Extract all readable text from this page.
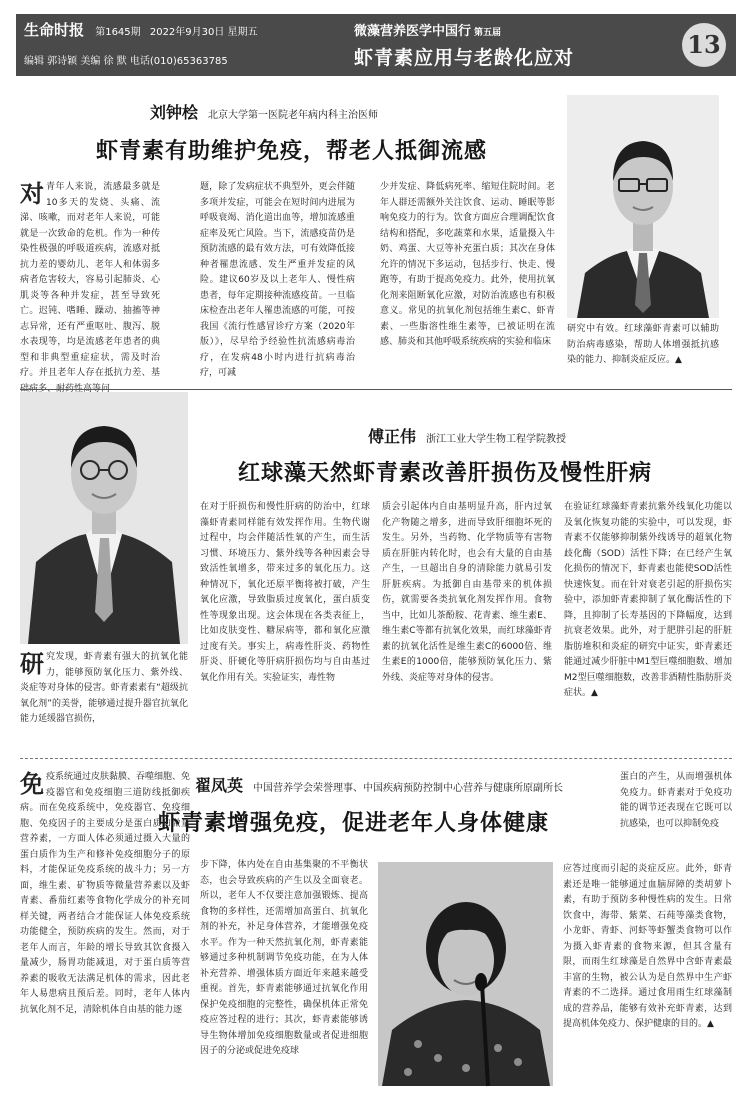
生命时报 第1645期 2022年9月30日 星期五
编辑 郭诗颖 美编 徐 默 电话(010)65363785
微藻营养医学中国行 第五届
虾青素应用与老龄化应对	13
刘钟桧 北京大学第一医院老年病内科主治医师
虾青素有助维护免疫，帮老人抵御流感
对青年人来说，流感最多就是10多天的发烧、头痛、流涕、咳嗽，而对老年人来说，可能就是一次致命的危机。作为一种传染性极强的呼吸道疾病，流感对抵抗力差的婴幼儿、老年人和体弱多病者危害较大，容易引起肺炎、心肌炎等各种并发症，甚至导致死亡。迟钝、嗜睡、躁动、抽搐等神志异常，还有严重呕吐、腹泻、脱水表现等，均是流感老年患者的典型和非典型重症症状，需及时治疗。并且老年人存在抵抗力差、基
题，除了发病症状不典型外，更会伴随多项并发症，可能会在短时间内进展为呼吸衰竭、消化道出血等，增加流感重症率及死亡风险。当下，流感疫苗仍是预防流感的最有效方法，可有效降低接种者罹患流感、发生严重并发症的风险。建议60岁及以上老年人、慢性病患者，每年定期接种流感疫苗。一旦临床检查出老年人罹患流感的可能，可按我国《流行性感冒诊疗方案（2020年版）》，尽早给予经验性抗流感病毒治疗，在发病48小时内进行抗病毒治疗，可减
少并发症、降低病死率、缩短住院时间。老年人群还需额外关注饮食、运动、睡眠等影响免疫力的行为。饮食方面应合理调配饮食结构和搭配，多吃蔬菜和水果，适量摄入牛奶、鸡蛋、大豆等补充蛋白质；其次在身体允许的情况下多运动，包括步行、快走、慢跑等，有助于提高免疫力。此外，使用抗氧化剂来阻断氧化应激，对防治流感也有积极意义。常见的抗氧化剂包括维生素C、虾青素、一些脂溶性维生素等，已被证明在流感、肺炎和其他呼吸系统疾病的实验和临床
研究中有效。红球藻虾青素可以辅助防治病毒感染，帮助人体增强抵抗感染的能力、抑制炎症反应。▲
傅正伟 浙江工业大学生物工程学院教授
红球藻天然虾青素改善肝损伤及慢性肝病
研究发现，虾青素有强大的抗氧化能力，能够预防氧化压力、紫外线、炎症等对身体的侵害。虾青素素有“超级抗氧化剂”的美誉，能够通过提升器官抗氧化能力延缓器官损伤，
在对于肝损伤和慢性肝病的防治中，红球藻虾青素同样能有效发挥作用。生物代谢过程中，均会伴随活性氧的产生，而生活习惯、环境压力、紫外线等各种因素会导致活性氧增多，带来过多的氧化压力。这种情况下，氧化还原平衡将被打破，产生氧化应激，导致脂质过度氧化，蛋白质变性等现象出现。这会体现在各类表征上，比如皮肤变性、糖尿病等，都和氧化应激过度有关。事实上，病毒性肝炎、药物性肝炎、肝硬化等肝病肝损伤均与自由基过氧化作用有关。实验证实，毒性物
质会引起体内自由基明显升高，肝内过氧化产物随之增多，进而导致肝细胞坏死的发生。另外，当药物、化学物质等有害物质在肝脏内转化时，也会有大量的自由基产生，一旦超出自身的清除能力就易引发肝脏疾病。为抵御自由基带来的机体损伤，就需要各类抗氧化剂发挥作用。食物当中，比如儿茶酚胺、花青素、维生素E、维生素C等都有抗氧化效果，而红球藻虾青素的抗氧化活性是维生素C的6000倍、维生素E的1000倍，能够预防氧化压力、紫外线、炎症等对身体的侵害。
在验证红球藻虾青素抗紫外线氧化功能以及氧化恢复功能的实验中，可以发现，虾青素不仅能够抑制紫外线诱导的超氧化物歧化酶（SOD）活性下降；在已经产生氧化损伤的情况下，虾青素也能使SOD活性快速恢复。而在针对衰老引起的肝损伤实验中，添加虾青素抑制了氧化酶活性的下降，且抑制了长寿基因的下降幅度，达到抗衰老效果。此外，对于肥胖引起的肝脏脂肪堆积和炎症的研究中证实，虾青素还能通过减少肝脏中M1型巨噬细胞数、增加M2型巨噬细胞数，改善非酒精性脂肪肝炎症状。▲
翟凤英 中国营养学会荣誉理事、中国疾病预防控制中心营养与健康所原副所长
虾青素增强免疫，促进老年人身体健康
免疫系统通过皮肤黏膜、吞噬细胞、免疫器官和免疫细胞三道防线抵御疾病。而在免疫系统中，免疫器官、免疫细胞、免疫因子的主要成分是蛋白质和微量营养素，一方面人体必须通过摄入大量的蛋白质作为生产和修补免疫细胞分子的原料，才能保证免疫系统的战斗力；另一方面，维生素、矿物质等微量营养素以及虾青素、番茄红素等食物化学成分的补充同样关键，两者结合才能保证人体免疫系统功能健全，预防疾病的发生。然而，对于老年人而言，年龄的增长导致其饮食摄入量减少，肠胃功能减退，对于蛋白质等营养素的吸收无法满足机体的需求，因此老年人易患病且预后差。同时，老年人体内抗氧化剂不足，清除机体自由基的能力逐
步下降，体内处在自由基集聚的不平衡状态，也会导致疾病的产生以及全面衰老。所以，老年人不仅要注意加强锻炼、提高食物的多样性，还需增加高蛋白、抗氧化剂的补充，补足身体营养，才能增强免疫水平。作为一种天然抗氧化剂，虾青素能够通过多种机制调节免疫功能，在为人体补充营养、增强体质方面近年来越来越受重视。首先，虾青素能够通过抗氧化作用保护免疫细胞的完整性，确保机体正常免疫应答过程的进行；其次，虾青素能够诱导生物体增加免疫细胞数量或者促进细胞因子的分泌或促进免疫球
蛋白的产生，从而增强机体免疫力。虾青素对于免疫功能的调节还表现在它既可以抗感染，也可以抑制免疫
应答过度而引起的炎症反应。此外，虾青素还是唯一能够通过血脑屏障的类胡萝卜素，有助于预防多种慢性病的发生。日常饮食中，海带、紫菜、石莼等藻类食物，小龙虾、青虾、河虾等虾蟹类食物可以作为摄入虾青素的食物来源，但其含量有限，而雨生红球藻是自然界中含虾青素最丰富的生物，被公认为是自然界中生产虾青素的不二选择。通过食用雨生红球藻制成的营养品，能够有效补充虾青素，达到提高机体免疫力、保护健康的目的。▲
